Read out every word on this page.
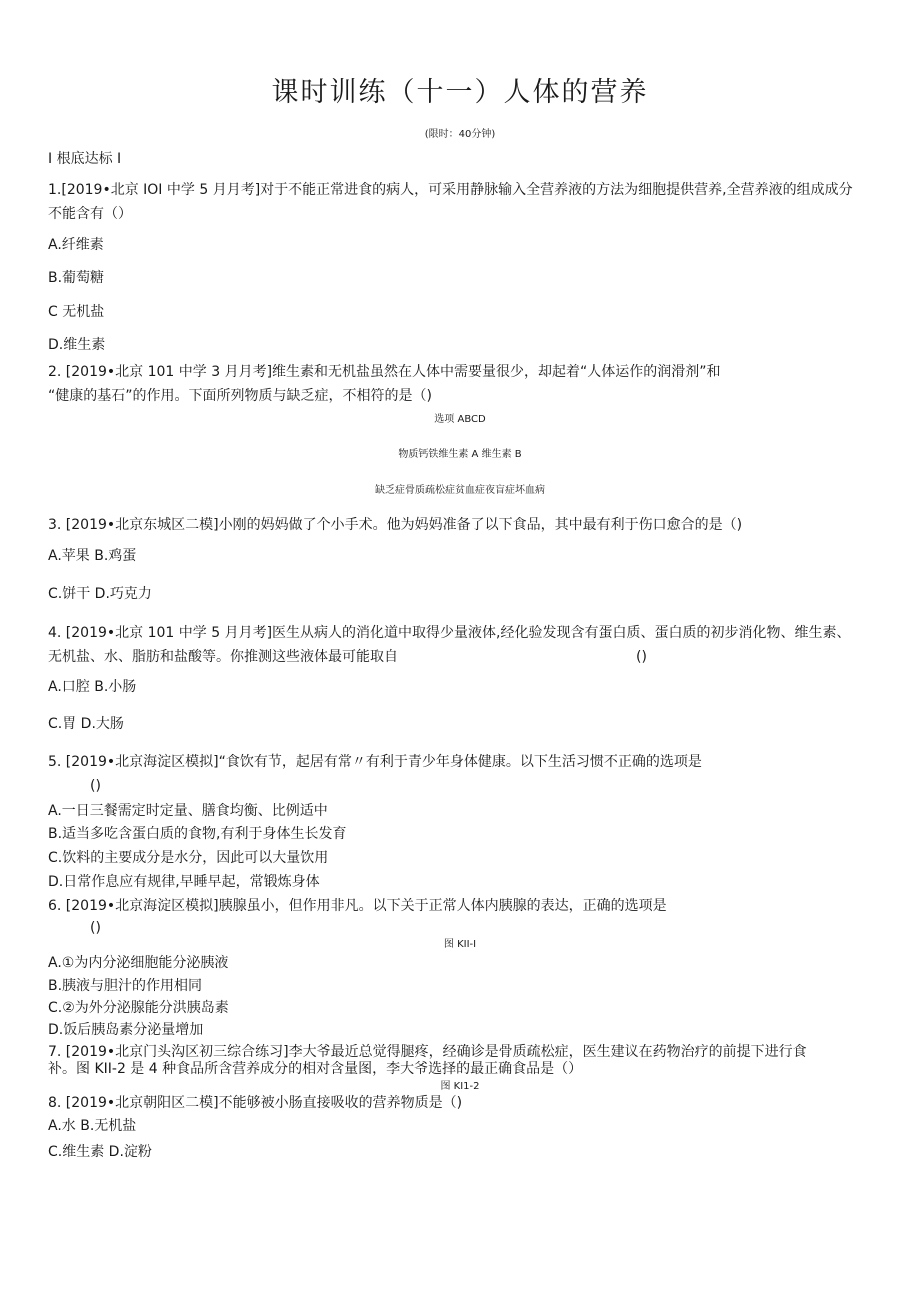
课时训练（十一）人体的营养
(限时：40分钟)
I 根底达标 I
1.[2019•北京 IOI 中学 5 月月考]对于不能正常进食的病人，可采用静脉输入全营养液的方法为细胞提供营养,全营养液的组成成分
不能含有（）
A.纤维素
B.葡萄糖
C 无机盐
D.维生素
2. [2019•北京 101 中学 3 月月考]维生素和无机盐虽然在人体中需要量很少，却起着“人体运作的润滑剂”和
“健康的基石”的作用。下面所列物质与缺乏症，不相符的是（)
选项 ABCD
物质钙铁维生素 A 维生素 B
缺乏症骨质疏松症贫血症夜盲症坏血病
3. [2019•北京东城区二模]小刚的妈妈做了个小手术。他为妈妈准备了以下食品，其中最有利于伤口愈合的是（)
A.苹果 B.鸡蛋
C.饼干 D.巧克力
4. [2019•北京 101 中学 5 月月考]医生从病人的消化道中取得少量液体,经化验发现含有蛋白质、蛋白质的初步消化物、维生素、
无机盐、水、脂肪和盐酸等。你推测这些液体最可能取自	()
A.口腔 B.小肠
C.胃 D.大肠
5. [2019•北京海淀区模拟]“食饮有节，起居有常〃有利于青少年身体健康。以下生活习惯不正确的选项是
()
A.一日三餐需定时定量、膳食均衡、比例适中
B.适当多吃含蛋白质的食物,有利于身体生长发育
C.饮料的主要成分是水分，因此可以大量饮用
D.日常作息应有规律,早睡早起，常锻炼身体
6. [2019•北京海淀区模拟]胰腺虽小，但作用非凡。以下关于正常人体内胰腺的表达，正确的选项是
()
图 KII-I
A.①为内分泌细胞能分泌胰液
B.胰液与胆汁的作用相同
C.②为外分泌腺能分洪胰岛素
D.饭后胰岛素分泌量增加
7. [2019•北京门头沟区初三综合练习]李大爷最近总觉得腿疼，经确诊是骨质疏松症，医生建议在药物治疗的前提下进行食
补。图 KII-2 是 4 种食品所含营养成分的相对含量图，李大爷选择的最正确食品是（）
图 KI1-2
8. [2019•北京朝阳区二模]不能够被小肠直接吸收的营养物质是（)
A.水 B.无机盐
C.维生素 D.淀粉
